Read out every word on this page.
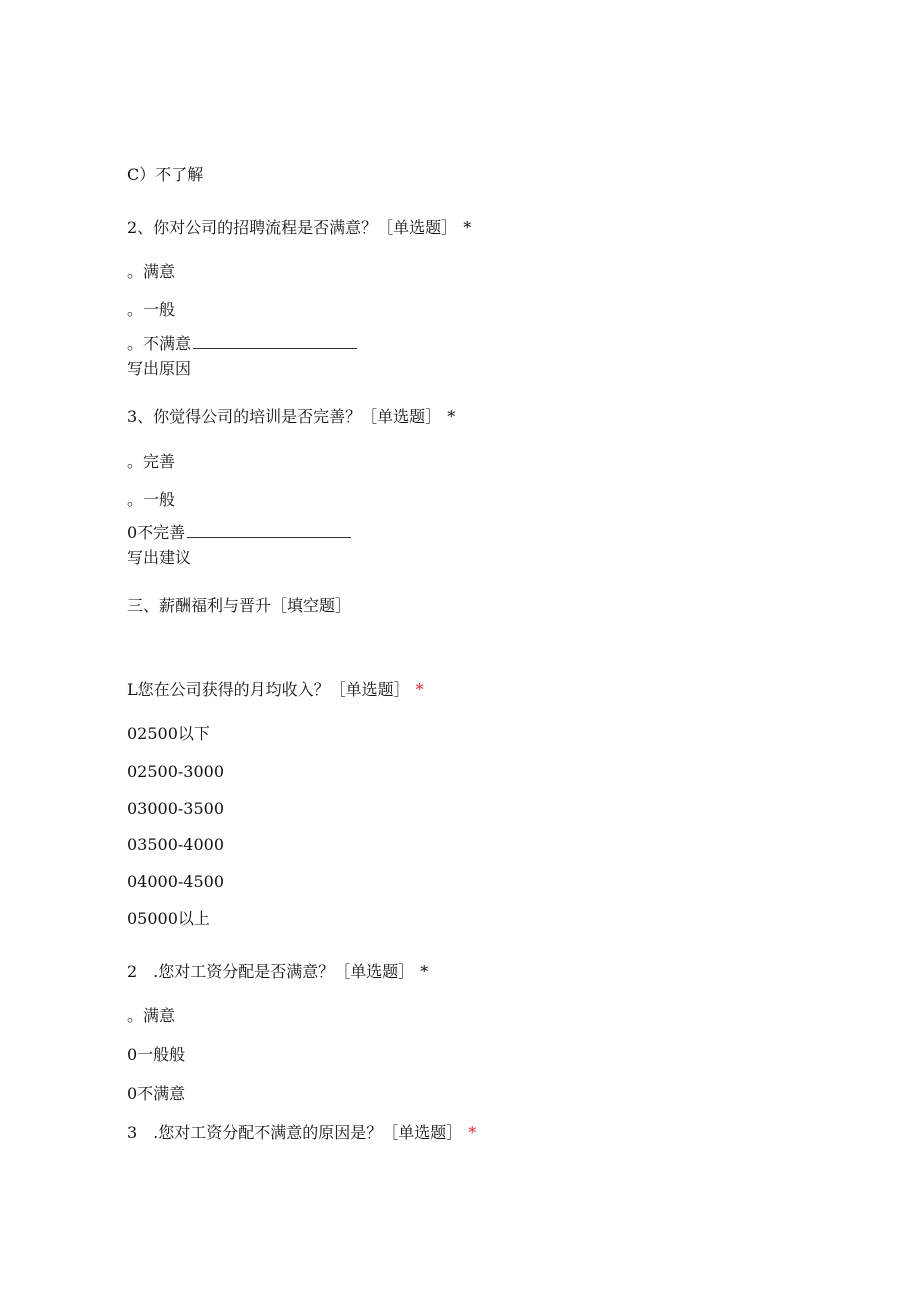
C）不了解
2、你对公司的招聘流程是否满意？［单选题］ *
。满意
。一般
。不满意
写出原因
3、你觉得公司的培训是否完善？［单选题］ *
。完善
。一般
0不完善
写出建议
三、薪酬福利与晋升［填空题］
L您在公司获得的月均收入？［单选题］ *
02500以下
02500-3000
03000-3500
03500-4000
04000-4500
05000以上
2 .您对工资分配是否满意？［单选题］ *
。满意
0一般般
0不满意
3 .您对工资分配不满意的原因是？［单选题］ *
